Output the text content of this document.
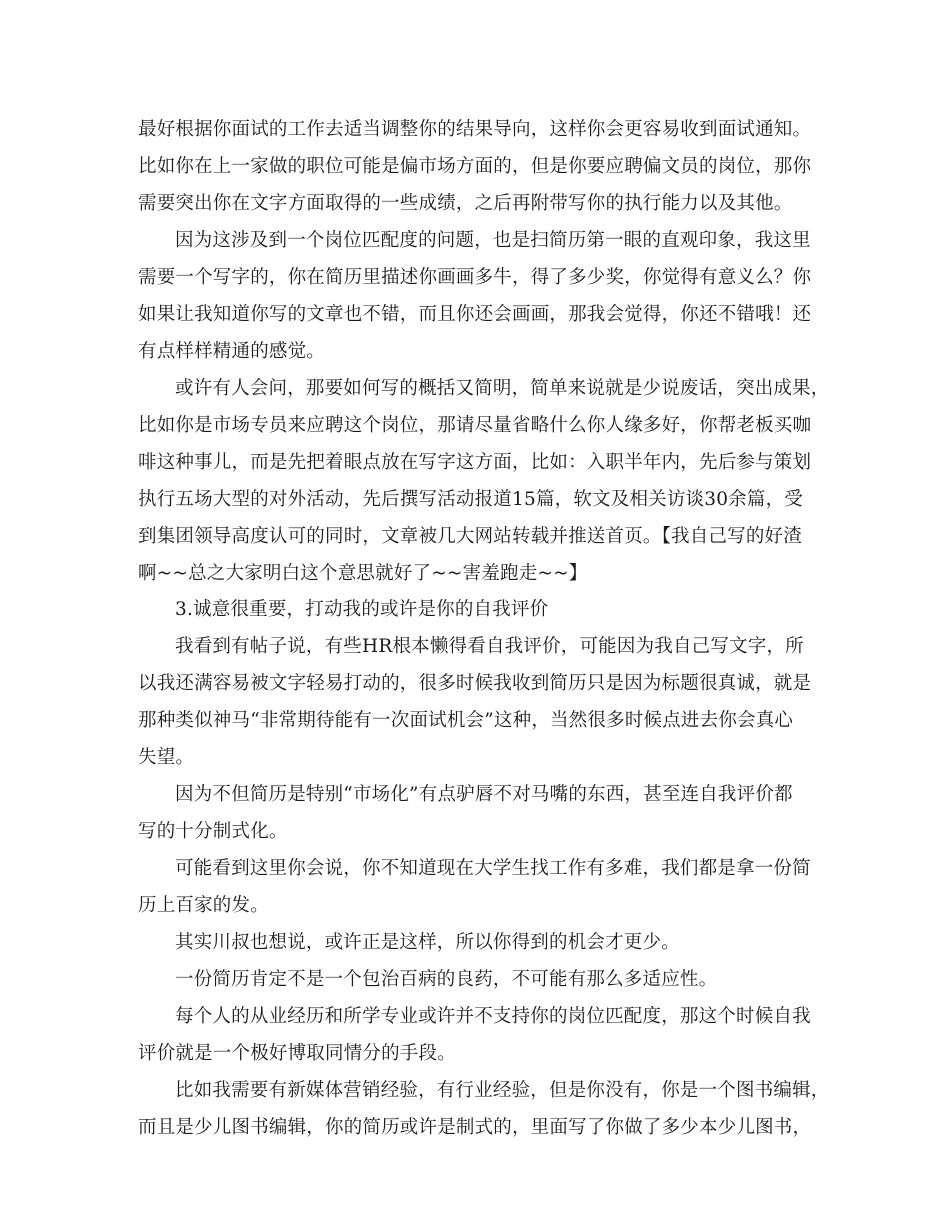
最好根据你面试的工作去适当调整你的结果导向，这样你会更容易收到面试通知。
比如你在上一家做的职位可能是偏市场方面的，但是你要应聘偏文员的岗位，那你
需要突出你在文字方面取得的一些成绩，之后再附带写你的执行能力以及其他。
因为这涉及到一个岗位匹配度的问题，也是扫简历第一眼的直观印象，我这里
需要一个写字的，你在简历里描述你画画多牛，得了多少奖，你觉得有意义么？你
如果让我知道你写的文章也不错，而且你还会画画，那我会觉得，你还不错哦！还
有点样样精通的感觉。
或许有人会问，那要如何写的概括又简明，简单来说就是少说废话，突出成果，
比如你是市场专员来应聘这个岗位，那请尽量省略什么你人缘多好，你帮老板买咖
啡这种事儿，而是先把着眼点放在写字这方面，比如：入职半年内，先后参与策划
执行五场大型的对外活动，先后撰写活动报道15篇，软文及相关访谈30余篇，受
到集团领导高度认可的同时，文章被几大网站转载并推送首页。【我自己写的好渣
啊~~总之大家明白这个意思就好了~~害羞跑走~~】
3.诚意很重要，打动我的或许是你的自我评价
我看到有帖子说，有些HR根本懒得看自我评价，可能因为我自己写文字，所
以我还满容易被文字轻易打动的，很多时候我收到简历只是因为标题很真诚，就是
那种类似神马“非常期待能有一次面试机会”这种，当然很多时候点进去你会真心
失望。
因为不但简历是特别“市场化”有点驴唇不对马嘴的东西，甚至连自我评价都
写的十分制式化。
可能看到这里你会说，你不知道现在大学生找工作有多难，我们都是拿一份简
历上百家的发。
其实川叔也想说，或许正是这样，所以你得到的机会才更少。
一份简历肯定不是一个包治百病的良药，不可能有那么多适应性。
每个人的从业经历和所学专业或许并不支持你的岗位匹配度，那这个时候自我
评价就是一个极好博取同情分的手段。
比如我需要有新媒体营销经验，有行业经验，但是你没有，你是一个图书编辑，
而且是少儿图书编辑，你的简历或许是制式的，里面写了你做了多少本少儿图书，
